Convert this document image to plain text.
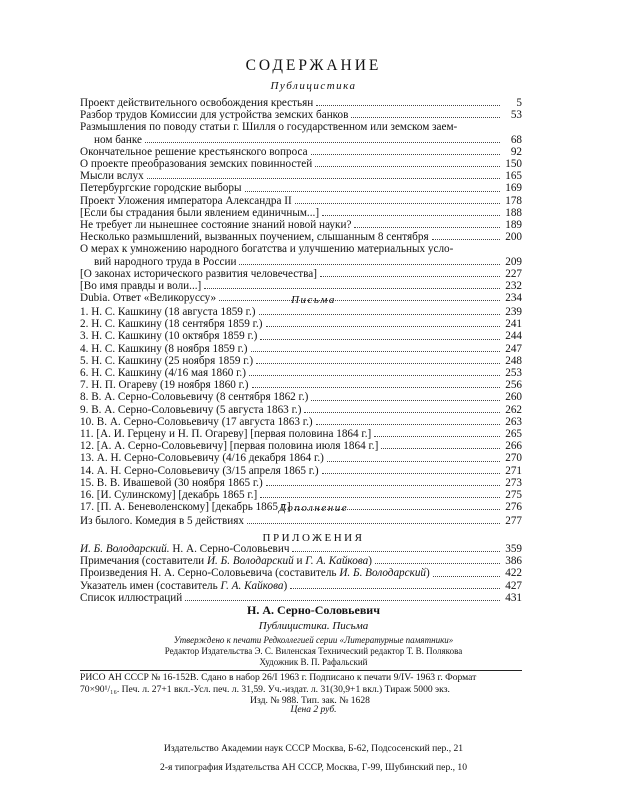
СОДЕРЖАНИЕ
Публицистика
Проект действительного освобождения крестьян	5
Разбор трудов Комиссии для устройства земских банков	53
Размышления по поводу статьи г. Шилля о государственном или земском заем-
ном банке	68
Окончательное решение крестьянского вопроса	92
О проекте преобразования земских повинностей	150
Мысли вслух	165
Петербургские городские выборы	169
Проект Уложения императора Александра II	178
[Если бы страдания были явлением единичным...]	188
Не требует ли нынешнее состояние знаний новой науки?	189
Несколько размышлений, вызванных поучением, слышанным 8 сентября	200
О мерах к умножению народного богатства и улучшению материальных усло-
вий народного труда в России	209
[О законах исторического развития человечества]	227
[Во имя правды и воли...]	232
Dubia. Ответ «Великоруссу»	234
Письма
1. Н. С. Кашкину (18 августа 1859 г.)	239
2. Н. С. Кашкину (18 сентября 1859 г.)	241
3. Н. С. Кашкину (10 октября 1859 г.)	244
4. Н. С. Кашкину (8 ноября 1859 г.)	247
5. Н. С. Кашкину (25 ноября 1859 г.)	248
6. Н. С. Кашкину (4/16 мая 1860 г.)	253
7. Н. П. Огареву (19 ноября 1860 г.)	256
8. В. А. Серно-Соловьевичу (8 сентября 1862 г.)	260
9. В. А. Серно-Соловьевичу (5 августа 1863 г.)	262
10. В. А. Серно-Соловьевичу (17 августа 1863 г.)	263
11. [А. И. Герцену и Н. П. Огареву] [первая половина 1864 г.]	265
12. [А. А. Серно-Соловьевичу] [первая половина июля 1864 г.]	266
13. А. Н. Серно-Соловьевичу (4/16 декабря 1864 г.)	270
14. А. Н. Серно-Соловьевичу (3/15 апреля 1865 г.)	271
15. В. В. Ивашевой (30 ноября 1865 г.)	273
16. [И. Сулинскому] [декабрь 1865 г.]	275
17. [П. А. Беневоленскому] [декабрь 1865 г.]	276
Дополнение
Из былого. Комедия в 5 действиях	277
ПРИЛОЖЕНИЯ
И. Б. Володарский. Н. А. Серно-Соловьевич	359
Примечания (составители И. Б. Володарский и Г. А. Кайкова)	386
Произведения Н. А. Серно-Соловьевича (составитель И. Б. Володарский)	422
Указатель имен (составитель Г. А. Кайкова)	427
Список иллюстраций	431
Н. А. Серно-Соловьевич
Публицистика. Письма
Утверждено к печати Редколлегией серии «Литературные памятники»
Редактор Издательства Э. С. Виленская Технический редактор Т. В. Полякова
Художник В. П. Рафальский
РИСО АН СССР № 16-152В. Сдано в набор 26/I 1963 г. Подписано к печати 9/IV- 1963 г. Формат
70×90¹/₁₆. Печ. л. 27+1 вкл.-Усл. печ. л. 31,59. Уч.-издат. л. 31(30,9+1 вкл.) Тираж 5000 экз.
Изд. № 988. Тип. зак. № 1628
Цена 2 руб.
Издательство Академии наук СССР Москва, Б-62, Подсосенский пер., 21
2-я типография Издательства АН СССР, Москва, Г-99, Шубинский пер., 10
